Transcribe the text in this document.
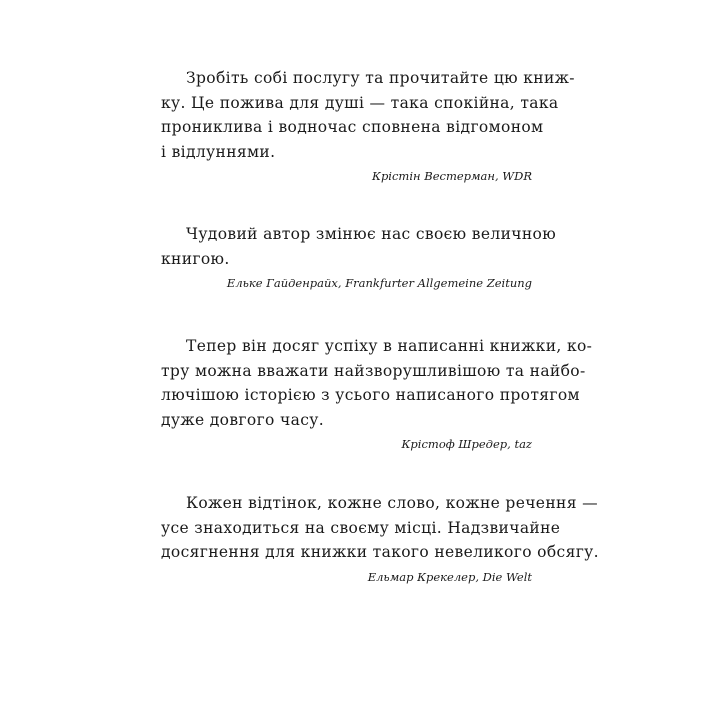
Зробіть собі послугу та прочитайте цю книж-
ку. Це пожива для душі — така спокійна, така
проникливa і водночас сповнена відгомоном
і відлуннями.
Крістін Вестерман, WDR
Чудовий автор змінює нас своєю величною
книгою.
Ельке Гайденрайх, Frankfurter Allgemeine Zeitung
Тепер він досяг успіху в написанні книжки, ко-
тру можна вважати найзворушливішою та найбо-
лючішою історією з усього написаного протягом
дуже довгого часу.
Крістоф Шредер, taz
Кожен відтінок, кожне слово, кожне речення —
усе знаходиться на своєму місці. Надзвичайне
досягнення для книжки такого невеликого обсягу.
Ельмар Крекелер, Die Welt
